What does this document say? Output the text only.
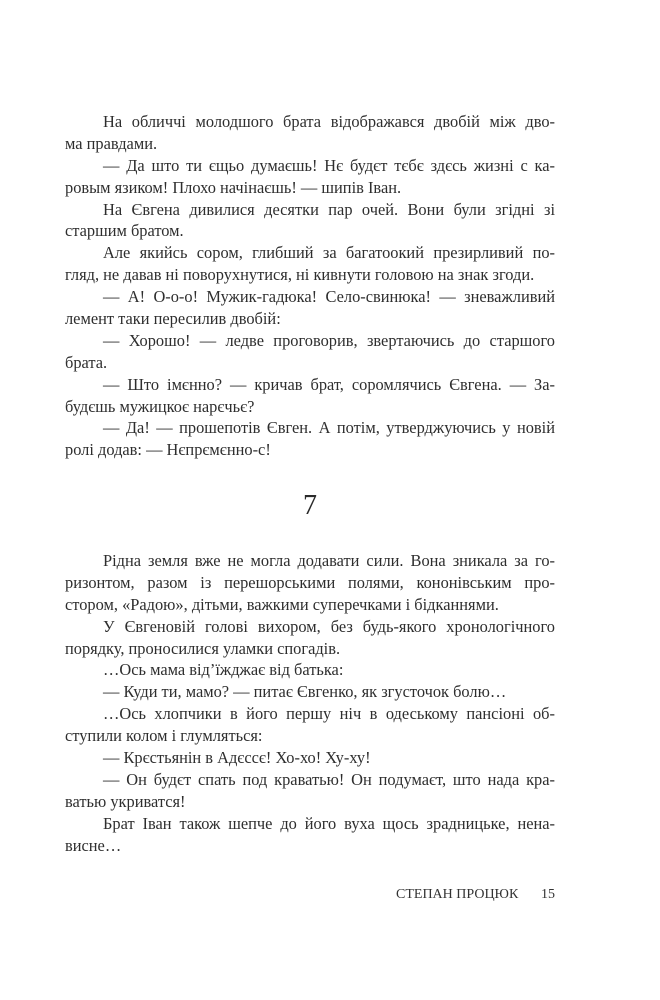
На обличчі молодшого брата відображався двобій між дво-
ма правдами.
— Да што ти єщьо думаєшь! Нє будєт тєбє здєсь жизні с ка-
ровым язиком! Плохо начінаєшь! — шипів Іван.
На Євгена дивилися десятки пар очей. Вони були згідні зі
старшим братом.
Але якийсь сором, глибший за багатоокий презирливий по-
гляд, не давав ні поворухнутися, ні кивнути головою на знак згоди.
— А! О-о-о! Мужик-гадюка! Село-свинюка! — зневажливий
лемент таки пересилив двобій:
— Хорошо! — ледве проговорив, звертаючись до старшого
брата.
— Што імєнно? — кричав брат, соромлячись Євгена. — За-
будєшь мужицкоє нарєчьє?
— Да! — прошепотів Євген. А потім, утверджуючись у новій
ролі додав: — Нєпрємєнно-с!
7
Рідна земля вже не могла додавати сили. Вона зникала за го-
ризонтом, разом із перешорськими полями, кононівським про-
стором, «Радою», дітьми, важкими суперечками і бідканнями.
У Євгеновій голові вихором, без будь-якого хронологічного
порядку, проносилися уламки спогадів.
…Ось мама від’їжджає від батька:
— Куди ти, мамо? — питає Євгенко, як згусточок болю…
…Ось хлопчики в його першу ніч в одеському пансіоні об-
ступили колом і глумляться:
— Крєстьянін в Адєссє! Хо-хо! Ху-ху!
— Он будєт спать под краватью! Он подумаєт, што нада кра-
ватью укриватся!
Брат Іван також шепче до його вуха щось зрадницьке, нена-
висне…
СТЕПАН ПРОЦЮК 15
